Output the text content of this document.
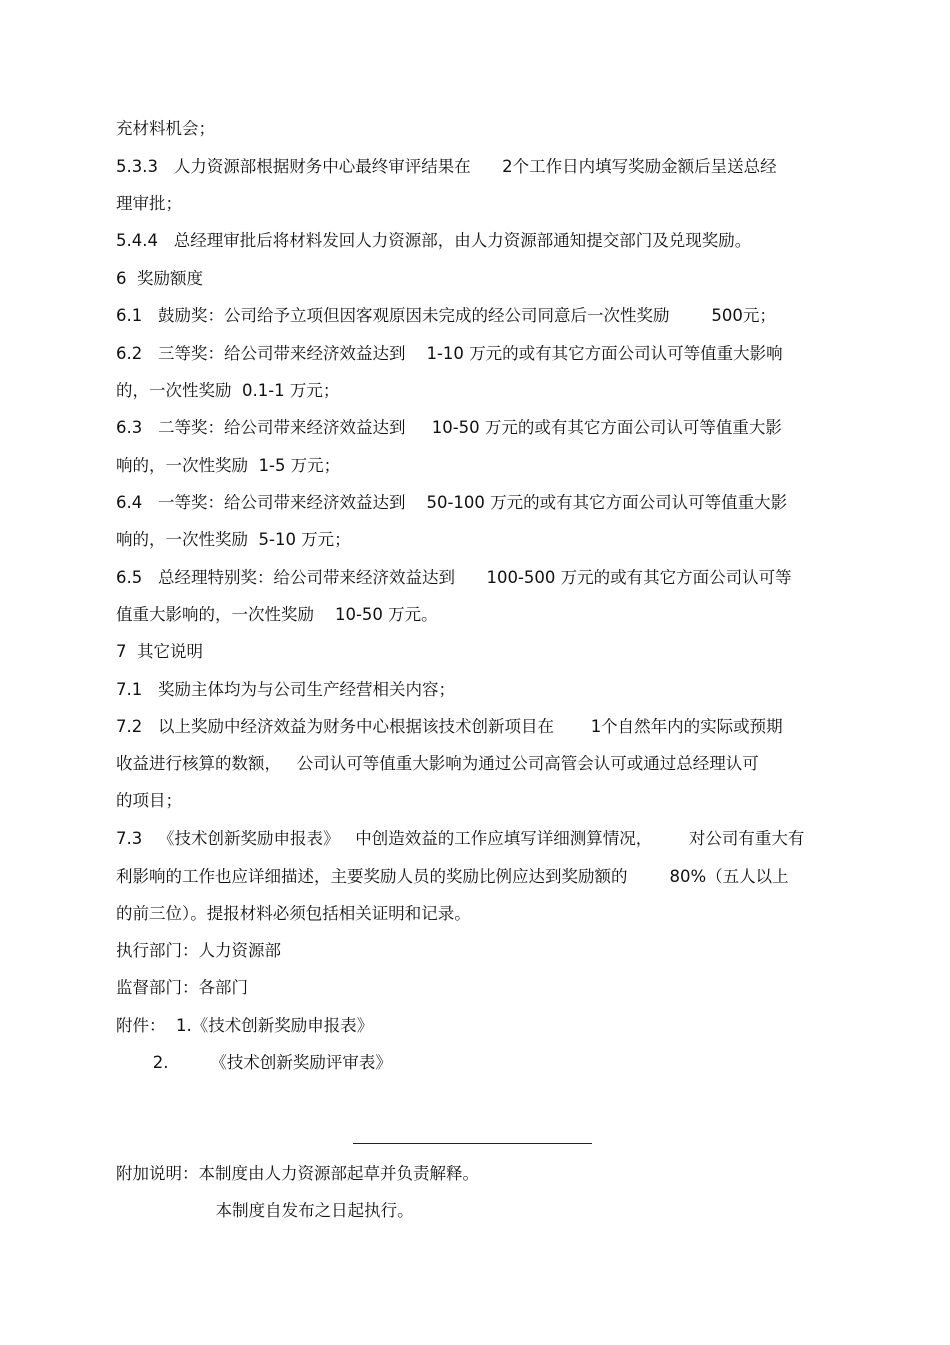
充材料机会；
5.3.3   人力资源部根据财务中心最终审评结果在      2个工作日内填写奖励金额后呈送总经
理审批；
5.4.4   总经理审批后将材料发回人力资源部，由人力资源部通知提交部门及兑现奖励。
6  奖励额度
6.1   鼓励奖：公司给予立项但因客观原因未完成的经公司同意后一次性奖励        500元；
6.2   三等奖：给公司带来经济效益达到    1-10 万元的或有其它方面公司认可等值重大影响
的，一次性奖励  0.1-1 万元；
6.3   二等奖：给公司带来经济效益达到     10-50 万元的或有其它方面公司认可等值重大影
响的，一次性奖励  1-5 万元；
6.4   一等奖：给公司带来经济效益达到    50-100 万元的或有其它方面公司认可等值重大影
响的，一次性奖励  5-10 万元；
6.5   总经理特别奖：给公司带来经济效益达到      100-500 万元的或有其它方面公司认可等
值重大影响的，一次性奖励    10-50 万元。
7  其它说明
7.1   奖励主体均为与公司生产经营相关内容；
7.2   以上奖励中经济效益为财务中心根据该技术创新项目在       1个自然年内的实际或预期
收益进行核算的数额，   公司认可等值重大影响为通过公司高管会认可或通过总经理认可
的项目；
7.3   《技术创新奖励申报表》   中创造效益的工作应填写详细测算情况，       对公司有重大有
利影响的工作也应详细描述，主要奖励人员的奖励比例应达到奖励额的        80%（五人以上
的前三位）。提报材料必须包括相关证明和记录。
执行部门：人力资源部
监督部门：各部门
附件：  1.《技术创新奖励申报表》
2.        《技术创新奖励评审表》
附加说明：本制度由人力资源部起草并负责解释。
本制度自发布之日起执行。
